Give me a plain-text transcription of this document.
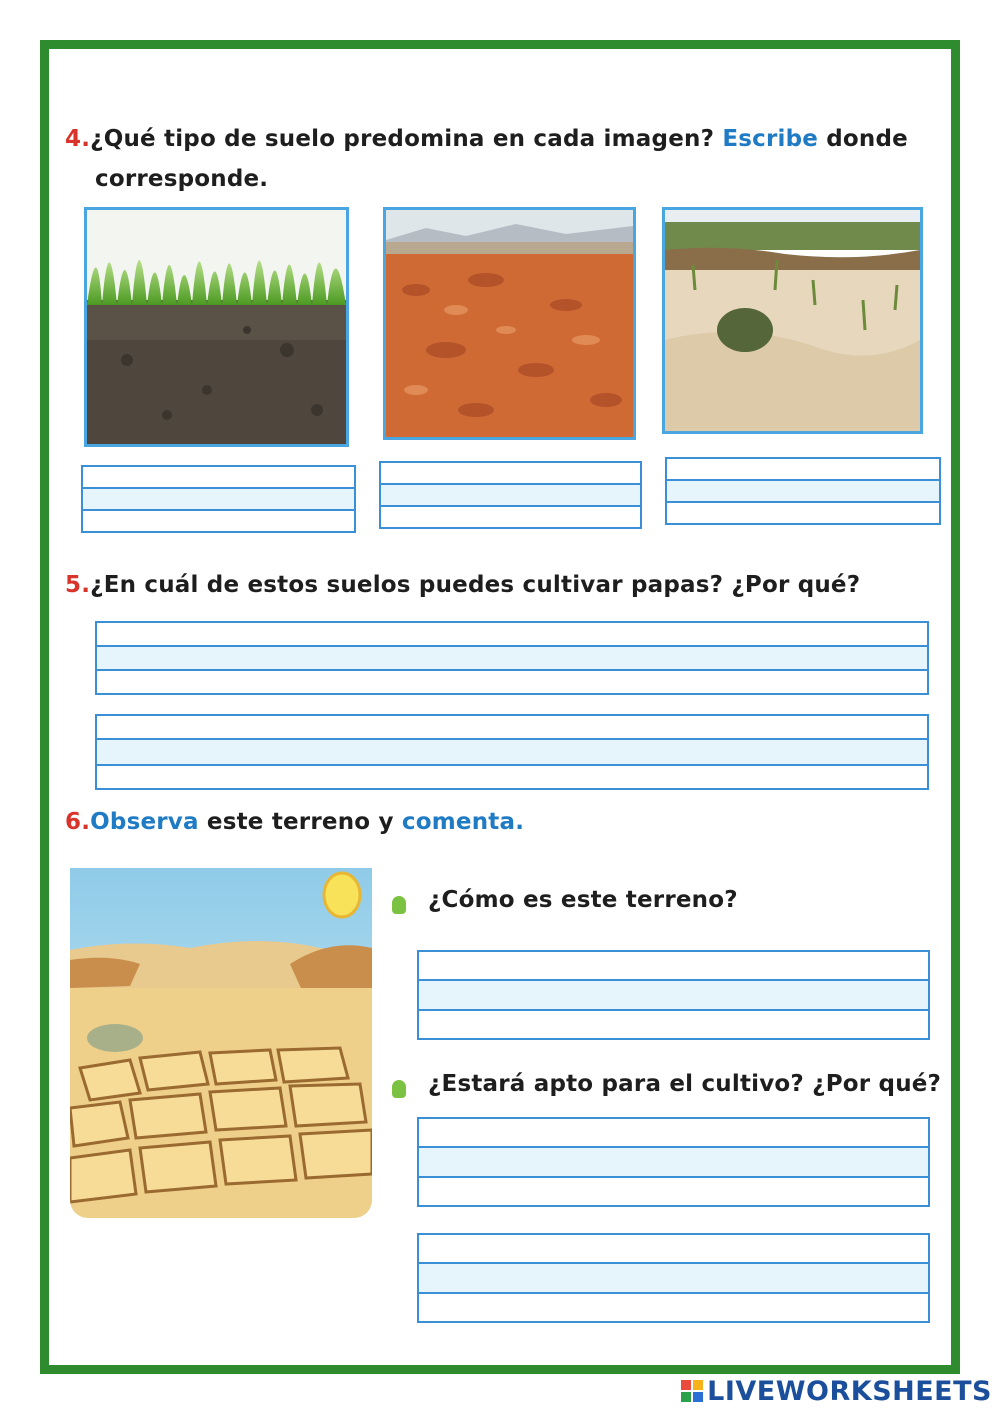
4.¿Qué tipo de suelo predomina en cada imagen? Escribe donde
corresponde.
5.¿En cuál de estos suelos puedes cultivar papas? ¿Por qué?
6.Observa este terreno y comenta.
¿Cómo es este terreno?
¿Estará apto para el cultivo? ¿Por qué?
LIVEWORKSHEETS
